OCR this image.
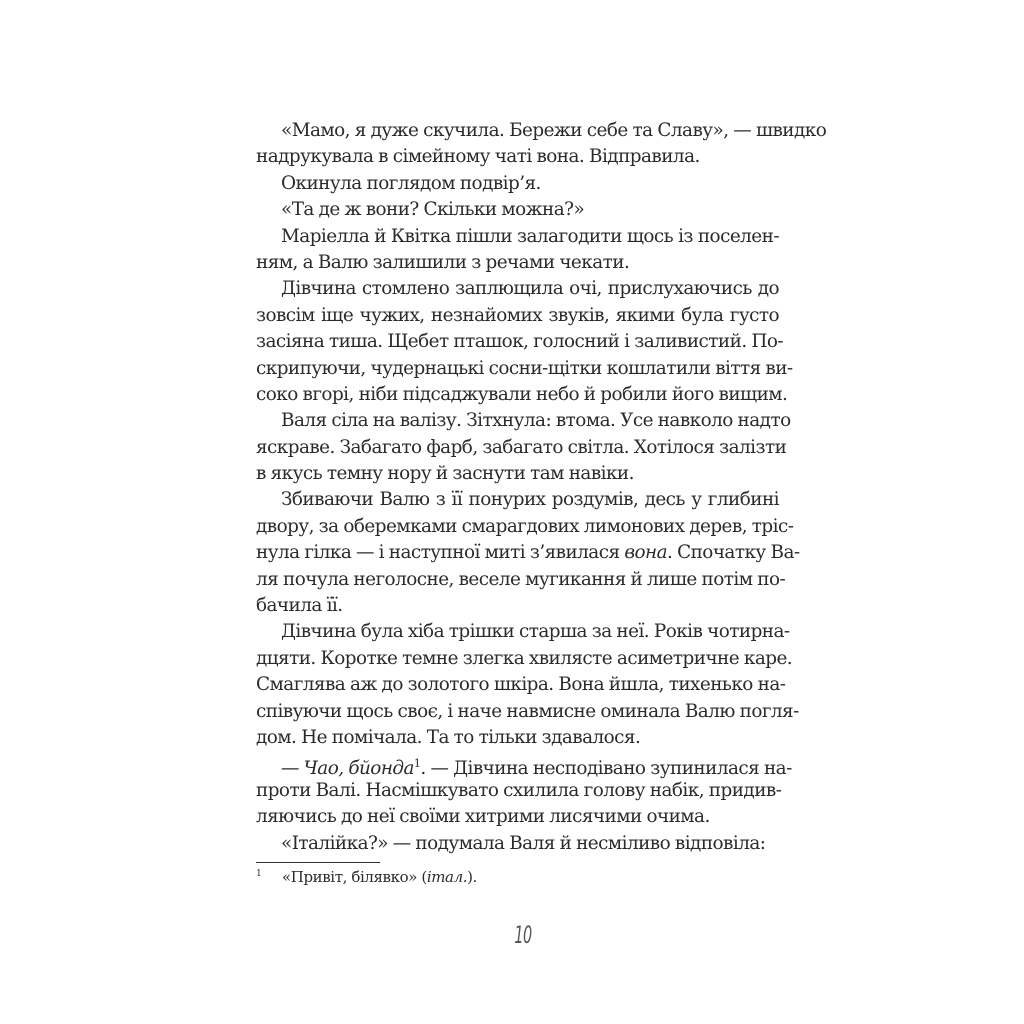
«Мамо, я дуже скучила. Бережи себе та Славу», — швидко
надрукувала в сімейному чаті вона. Відправила.
Окинула поглядом подвір’я.
«Та де ж вони? Скільки можна?»
Маріелла й Квітка пішли залагодити щось із поселен-
ням, а Валю залишили з речами чекати.
Дівчина стомлено заплющила очі, прислухаючись до
зовсім іще чужих, незнайомих звуків, якими була густо
засіяна тиша. Щебет пташок, голосний і заливистий. По-
скрипуючи, чудернацькі сосни-щітки кошлатили віття ви-
соко вгорі, ніби підсаджували небо й робили його вищим.
Валя сіла на валізу. Зітхнула: втома. Усе навколо надто
яскраве. Забагато фарб, забагато світла. Хотілося залізти
в якусь темну нору й заснути там навіки.
Збиваючи Валю з її понурих роздумів, десь у глибині
двору, за оберемками смарагдових лимонових дерев, тріс-
нула гілка — і наступної миті з’явилася вона. Спочатку Ва-
ля почула неголосне, веселе мугикання й лише потім по-
бачила її.
Дівчина була хіба трішки старша за неї. Років чотирна-
дцяти. Коротке темне злегка хвилясте асиметричне каре.
Смаглява аж до золотого шкіра. Вона йшла, тихенько на-
співуючи щось своє, і наче навмисне оминала Валю погля-
дом. Не помічала. Та то тільки здавалося.
— Чао, бйонда$^1$. — Дівчина несподівано зупинилася на-
проти Валі. Насмішкувато схилила голову набік, придив-
ляючись до неї своїми хитрими лисячими очима.
«Італійка?» — подумала Валя й несміливо відповіла:
1 «Привіт, білявко» (італ.).
10
